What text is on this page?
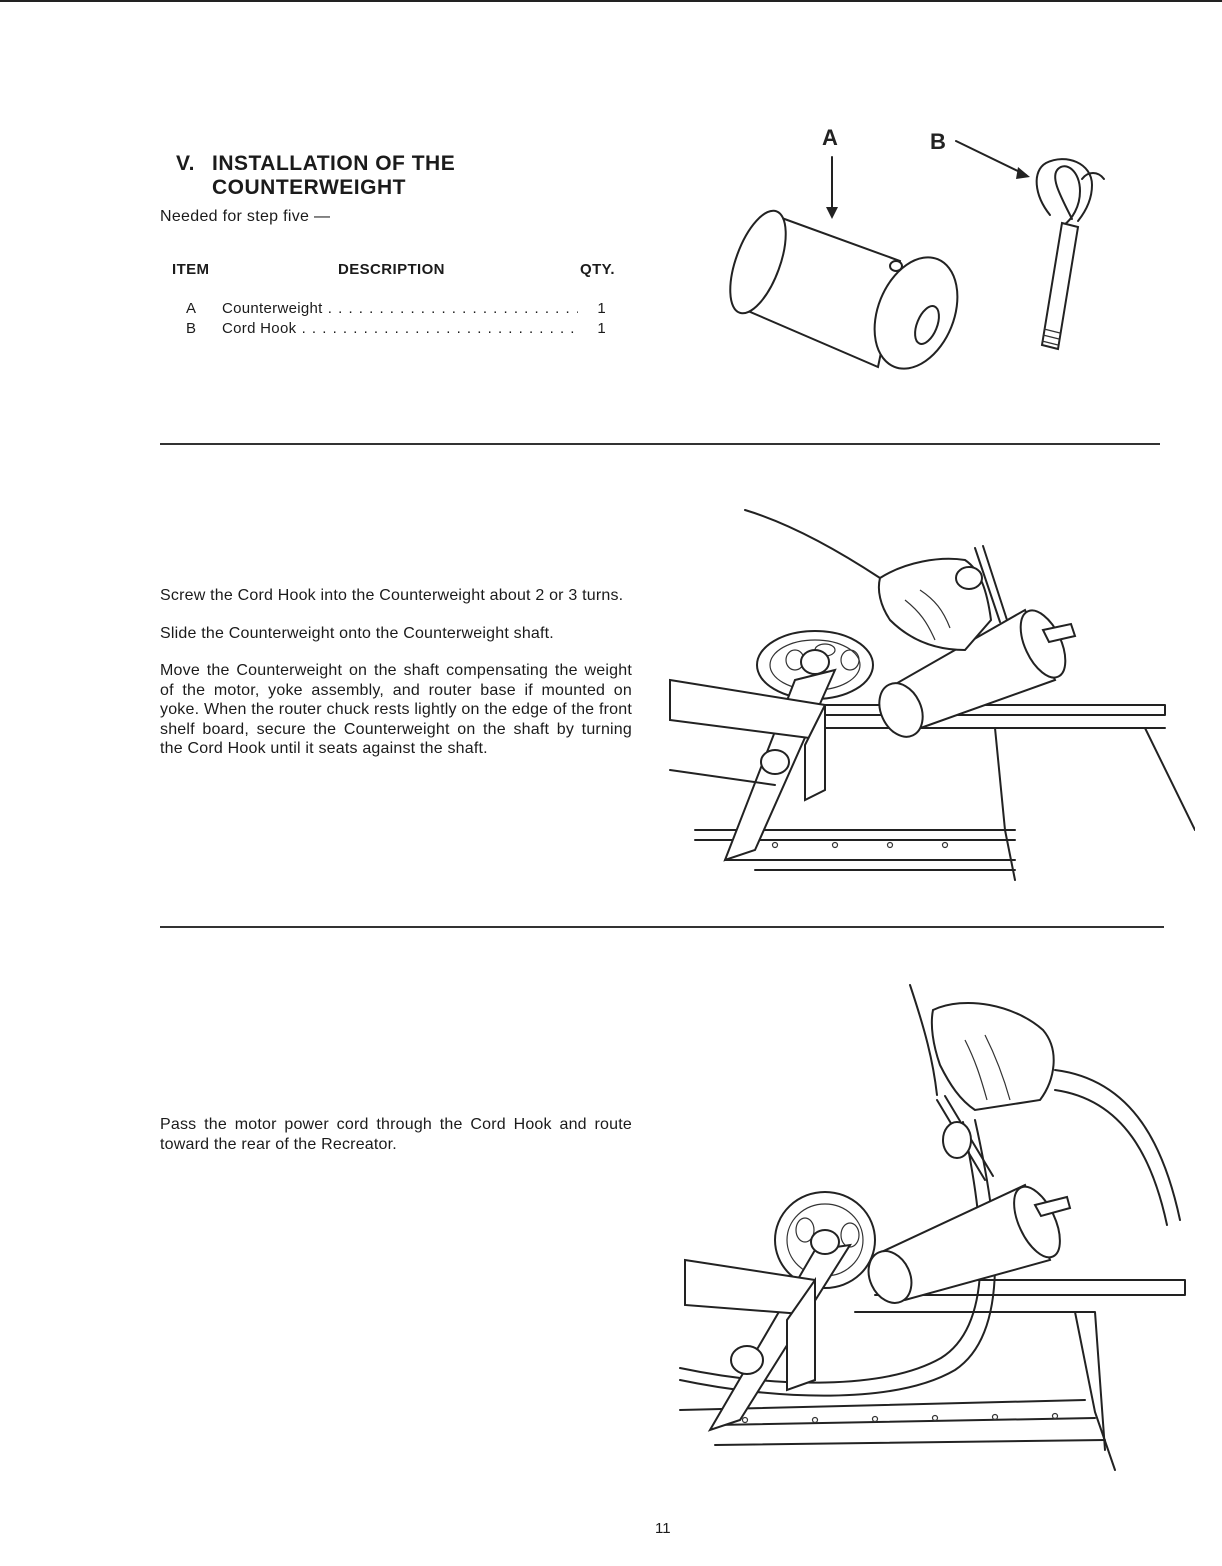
V. INSTALLATION OF THE
COUNTERWEIGHT
Needed for step five —
ITEM	DESCRIPTION	QTY.
A	Counterweight . . .	1
B	Cord Hook . . .	1
A	B

Screw the Cord Hook into the Counterweight about 2 or 3 turns.

Slide the Counterweight onto the Counterweight shaft.

Move the Counterweight on the shaft compensating the weight of the motor, yoke assembly, and router base if mounted on yoke. When the router chuck rests lightly on the edge of the front shelf board, secure the Counterweight on the shaft by turning the Cord Hook until it seats against the shaft.

Pass the motor power cord through the Cord Hook and route toward the rear of the Recreator.

11
